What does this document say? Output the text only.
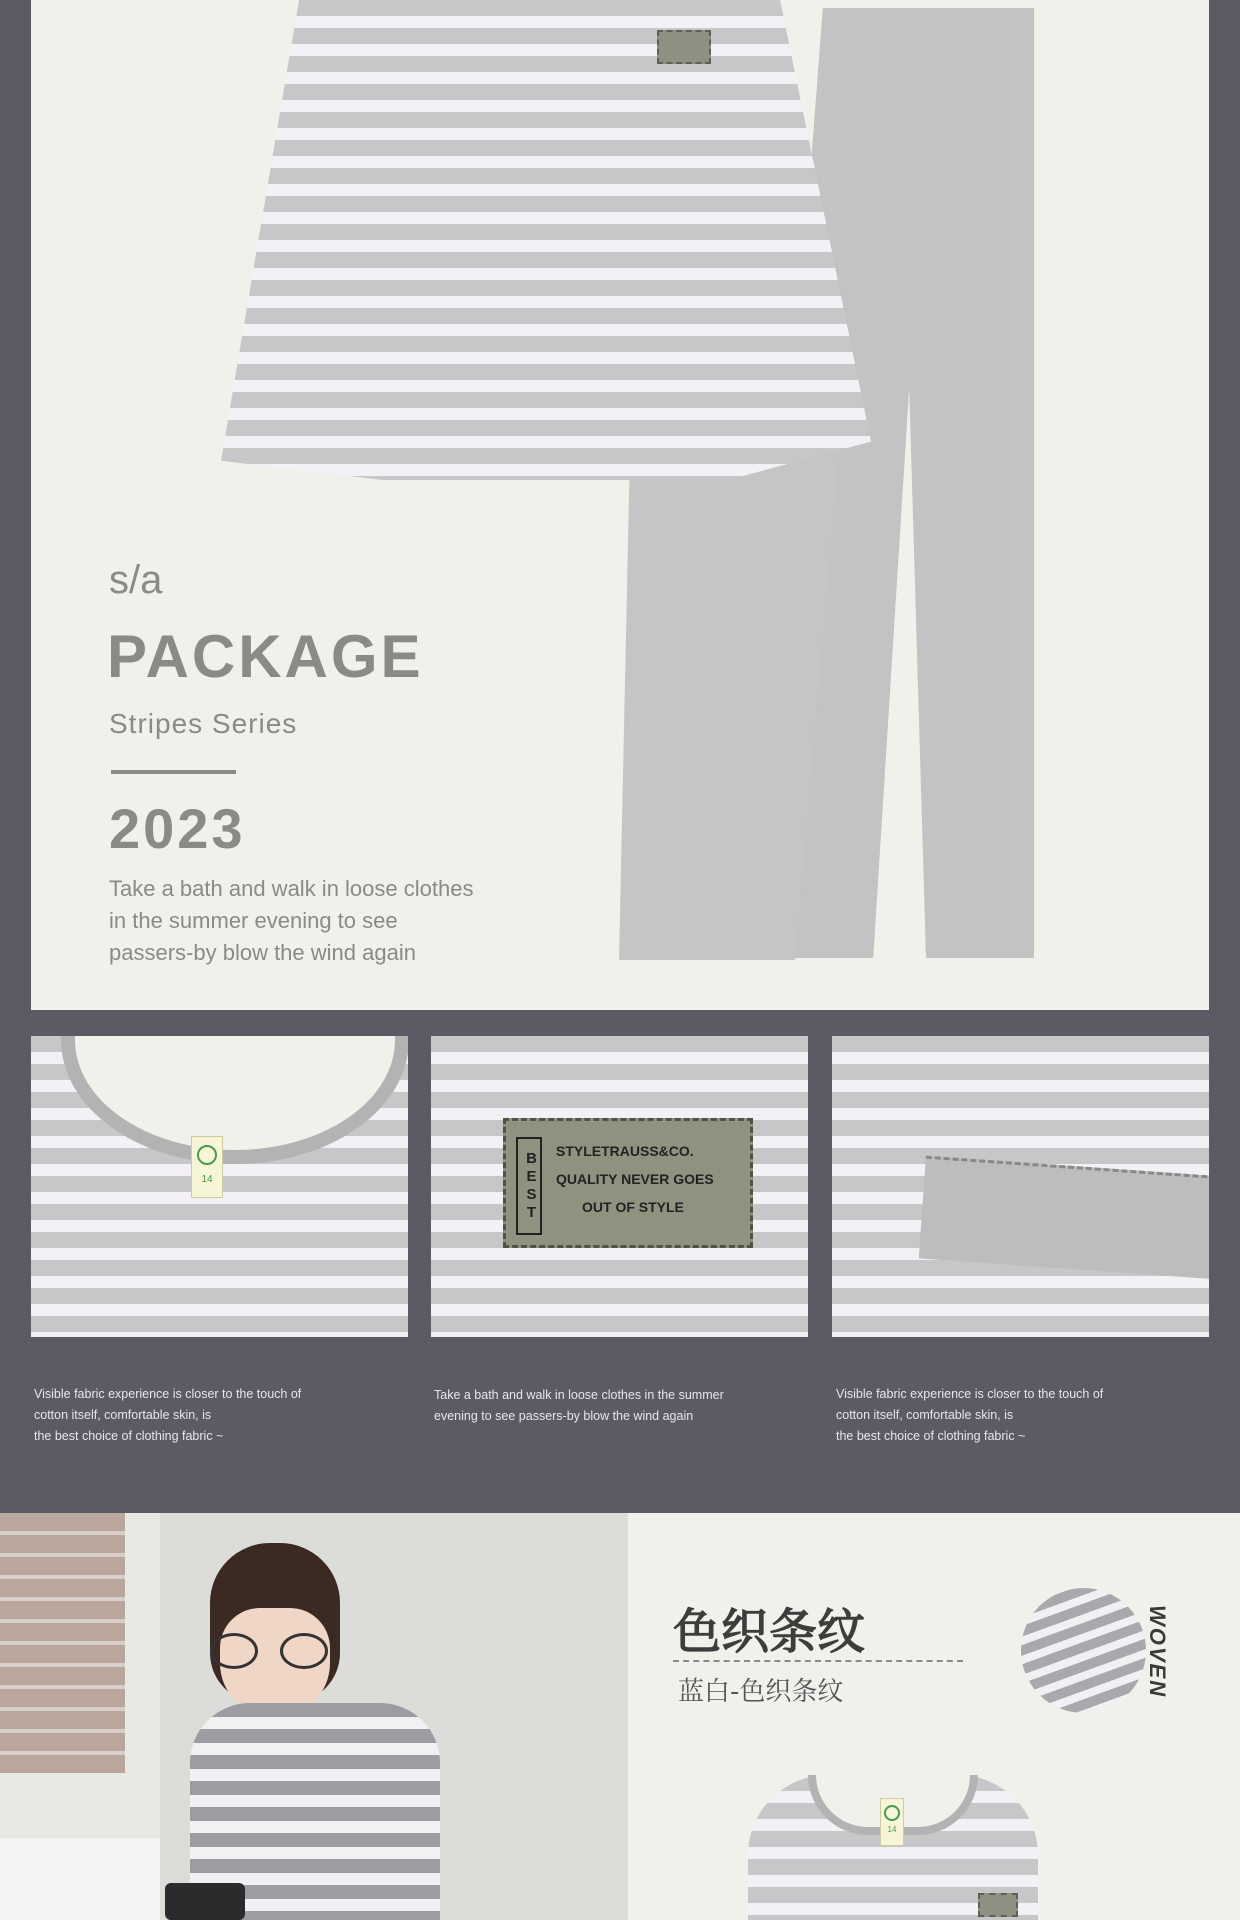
s/a
PACKAGE
Stripes Series
2023
Take a bath and walk in loose clothes
in the summer evening to see
passers-by blow the wind again
14	BEST STYLETRAUSS&CO.
QUALITY NEVER GOES
OUT OF STYLE
Visible fabric experience is closer to the touch of
cotton itself, comfortable skin, is
the best choice of clothing fabric ~
Take a bath and walk in loose clothes in the summer
evening to see passers-by blow the wind again
Visible fabric experience is closer to the touch of
cotton itself, comfortable skin, is
the best choice of clothing fabric ~
色织条纹
蓝白-色织条纹	WOVEN
14
